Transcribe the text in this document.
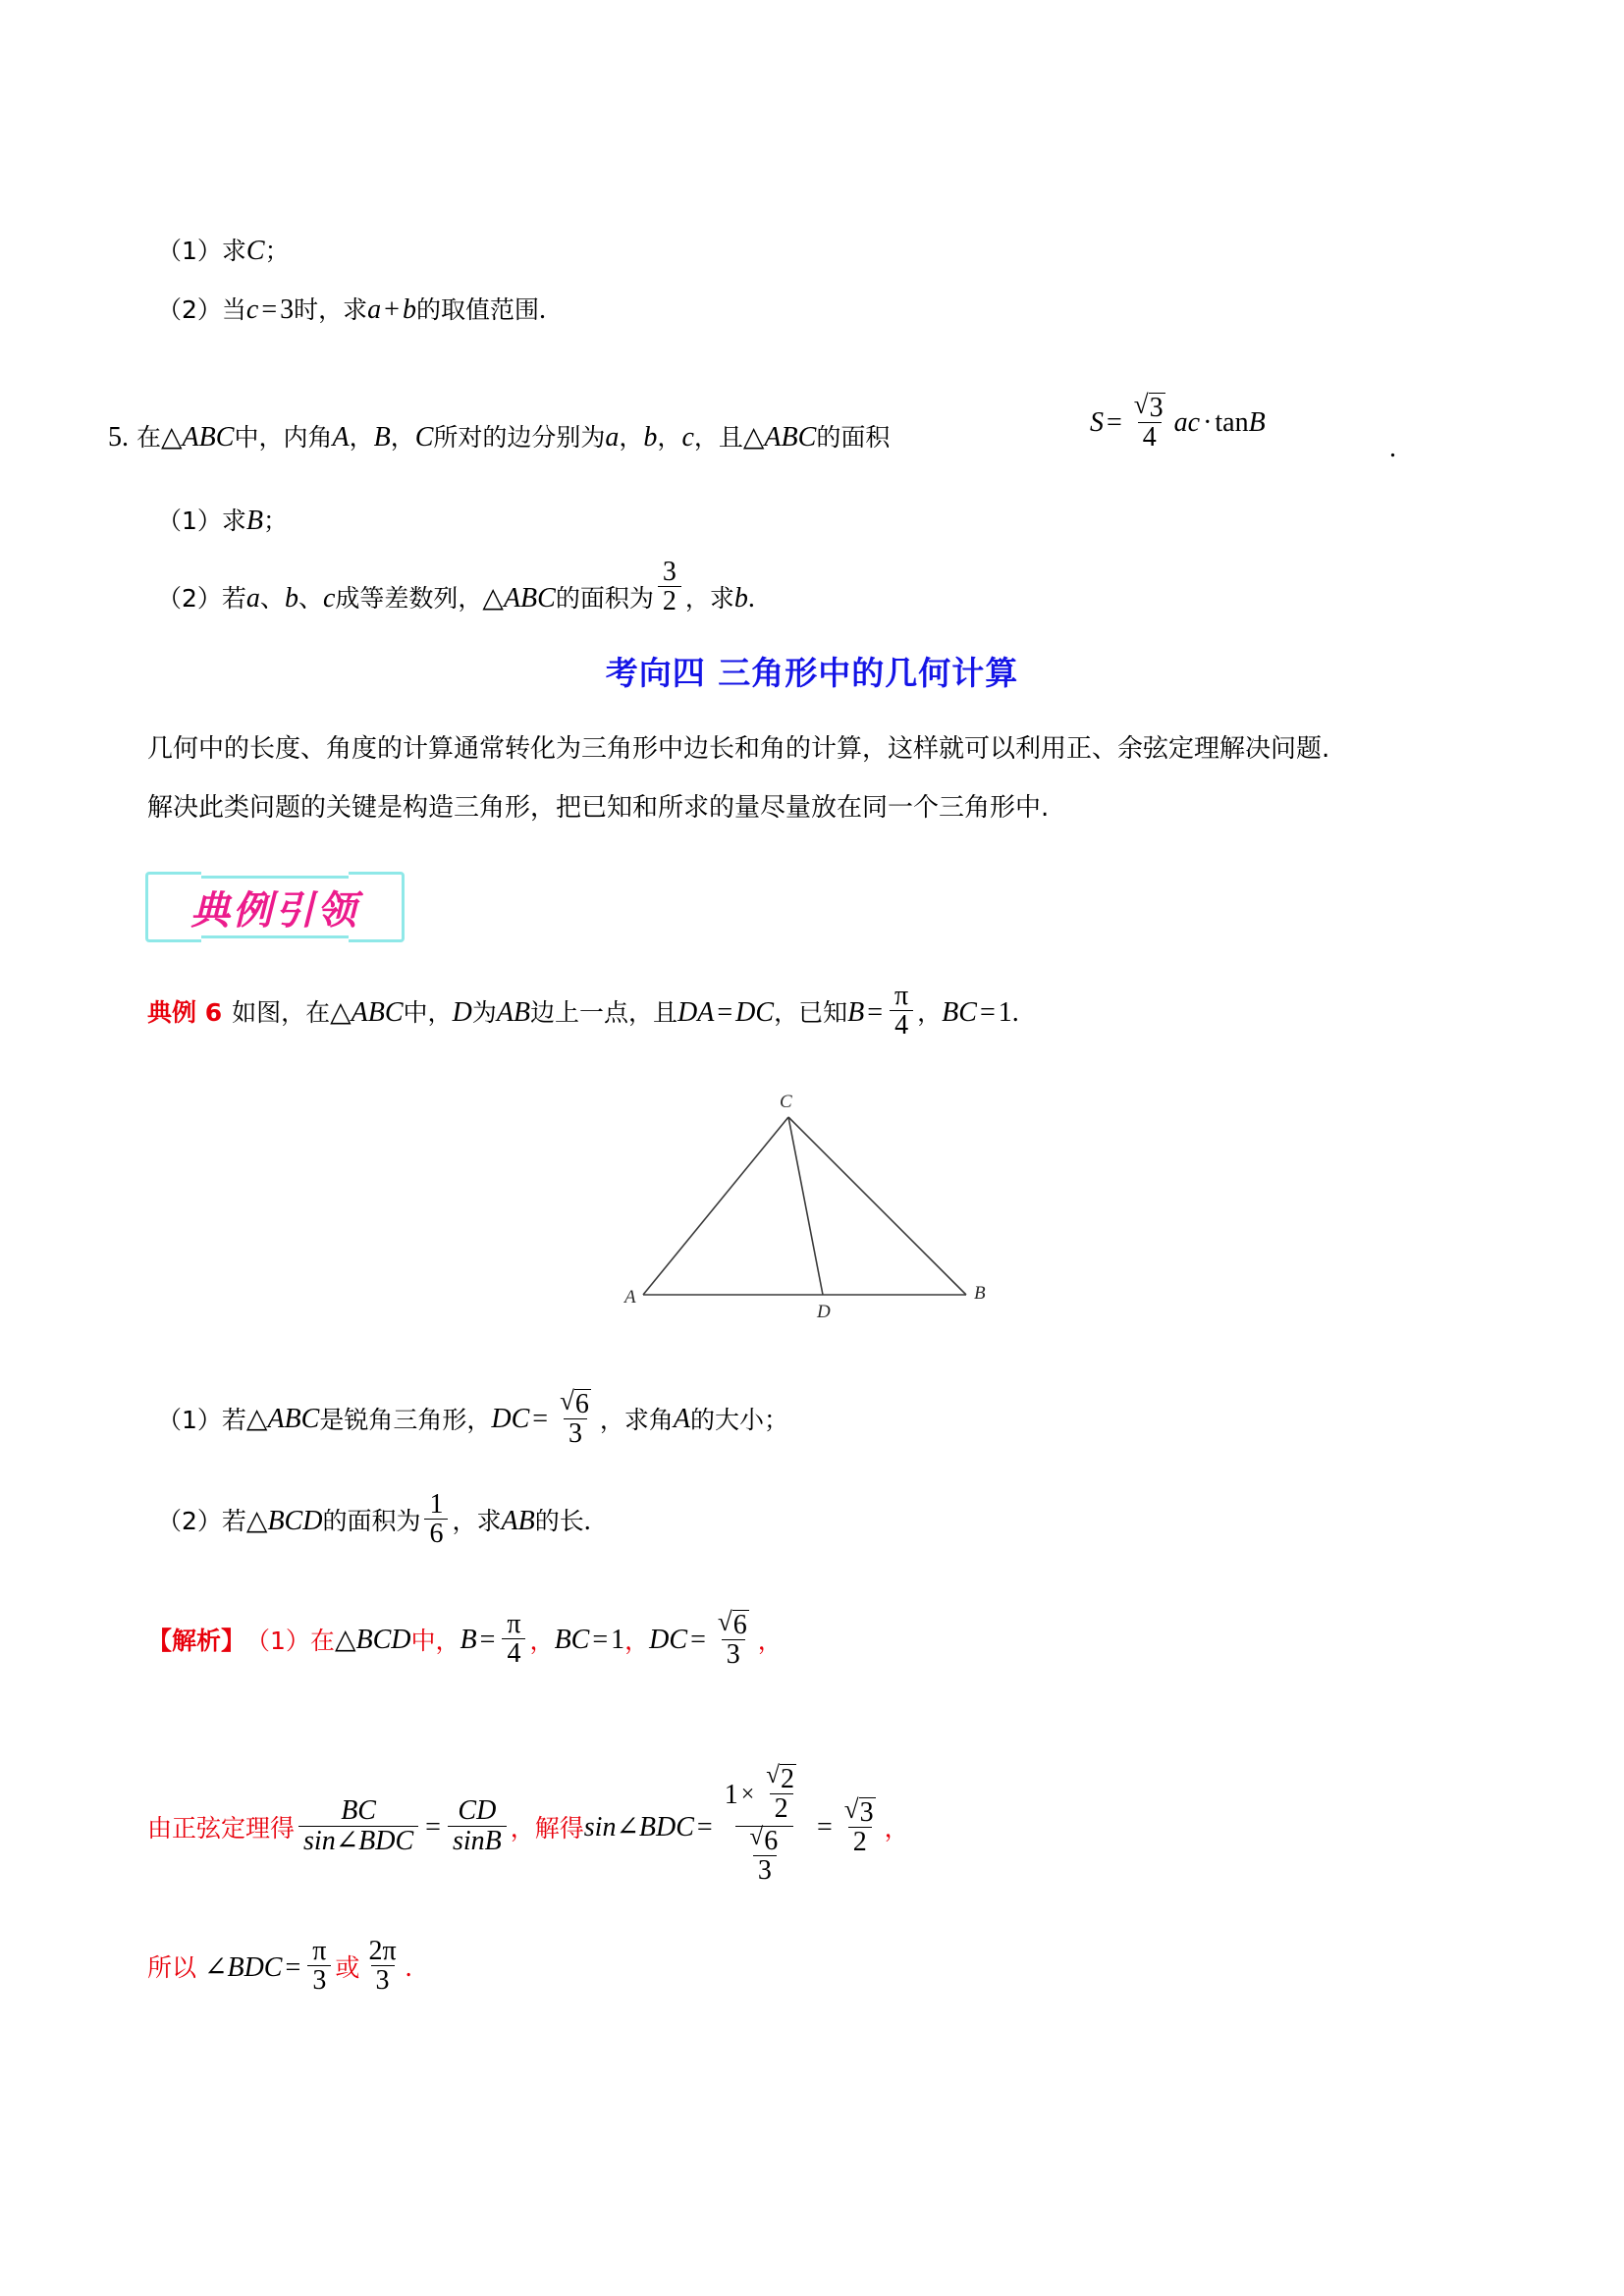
（1） 求 C ；
（2） 当 c = 3 时，求 a + b 的取值范围 .
5. 在 △ABC 中，内角 A ， B ， C 所对的边分别为 a ， b ， c ，且 △ABC 的面积	$S = \frac{√ 3}{4}$ ac · tan B
.
（1） 求 B ；
（2） 若 a 、 b 、 c 成等差数列， △ABC 的面积为 $\frac{3}{2}$ ，求 b .
考向四 三角形中的几何计算
几何中的长度、角度的计算通常转化为三角形中边长和角的计算，这样就可以利用正、余弦定理解决问题.
解决此类问题的关键是构造三角形，把已知和所求的量尽量放在同一个三角形中.
典例引领
典例 6 如图，在 △ABC 中， D 为 AB 边上一点，且 DA = DC ，已知 $B = \frac{\pi}{4}$ ， BC = 1 .
A	B
C
D
（1） 若 △ABC 是锐角三角形， DC = $\frac{√ 6}{3}$ ，求角 A 的大小 ；
（2） 若 △BCD 的面积为 $\frac{1}{6}$ ，求 AB 的长 .
【解析】 （1） 在 △BCD 中， $B = \frac{\pi}{4}$ ， BC = 1 ， DC = $\frac{√ 6}{3}$ ，
由正弦定理得 $\frac{BC}{\text{sin∠BDC}} = \frac{CD}{\sin B}$ ， 解得 sin∠BDC =
$1 \times \frac{√ 2}{2}$
$\frac{√ 6}{3} = \frac{√ 3}{2}$ ，
所以 ∠BDC = $\frac{\pi}{3}$ 或 $\frac{2\pi}{3}$ .
